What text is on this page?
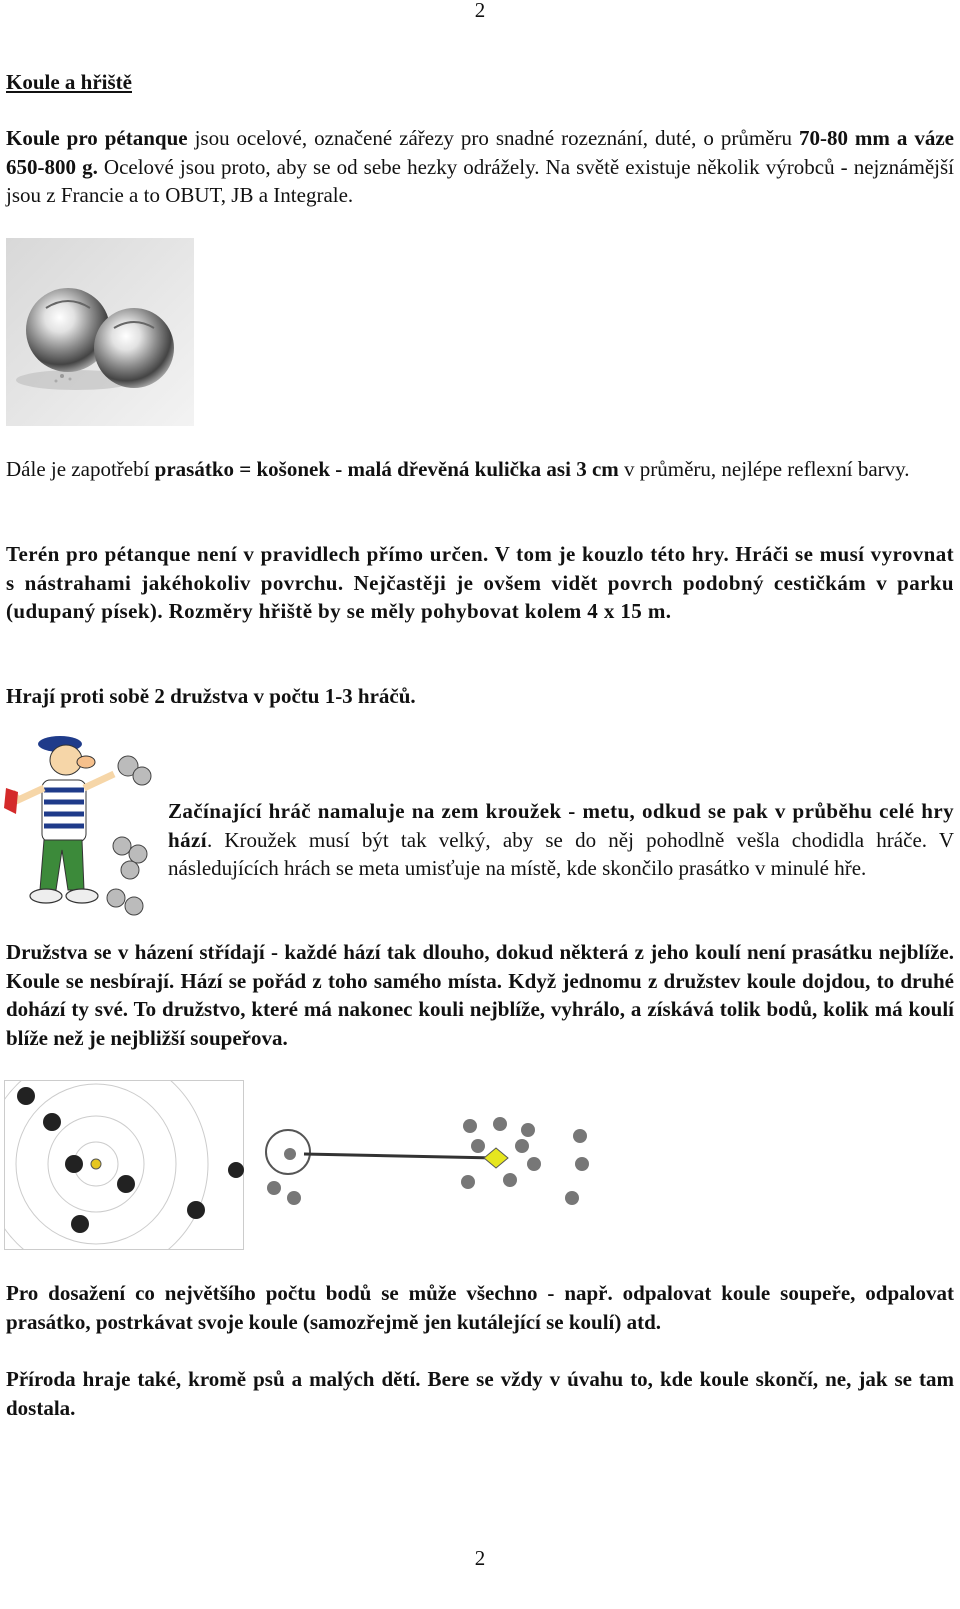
2
Koule a hřiště

Koule pro pétanque jsou ocelové, označené zářezy pro snadné rozeznání, duté, o průměru 70-80 mm a váze 650-800 g. Ocelové jsou proto, aby se od sebe hezky odrážely. Na světě existuje několik výrobců - nejznámější jsou z Francie a to OBUT, JB a Integrale.

Dále je zapotřebí prasátko = košonek - malá dřevěná kulička asi 3 cm v průměru, nejlépe reflexní barvy.

Terén pro pétanque není v pravidlech přímo určen. V tom je kouzlo této hry. Hráči se musí vyrovnat s nástrahami jakéhokoliv povrchu. Nejčastěji je ovšem vidět povrch podobný cestičkám v parku (udupaný písek). Rozměry hřiště by se měly pohybovat kolem 4 x 15 m.

Hrají proti sobě 2 družstva v počtu 1-3 hráčů.

Začínající hráč namaluje na zem kroužek - metu, odkud se pak v průběhu celé hry hází. Kroužek musí být tak velký, aby se do něj pohodlně vešla chodidla hráče. V následujících hrách se meta umisťuje na místě, kde skončilo prasátko v minulé hře.

Družstva se v házení střídají - každé hází tak dlouho, dokud některá z jeho koulí není prasátku nejblíže. Koule se nesbírají. Hází se pořád z toho samého místa. Když jednomu z družstev koule dojdou, to druhé dohází ty své. To družstvo, které má nakonec kouli nejblíže, vyhrálo, a získává tolik bodů, kolik má koulí blíže než je nejbližší soupeřova.

Pro dosažení co největšího počtu bodů se může všechno - např. odpalovat koule soupeře, odpalovat prasátko, postrkávat svoje koule (samozřejmě jen kutálející se koulí) atd.

Příroda hraje také, kromě psů a malých dětí. Bere se vždy v úvahu to, kde koule skončí, ne, jak se tam dostala.

2
